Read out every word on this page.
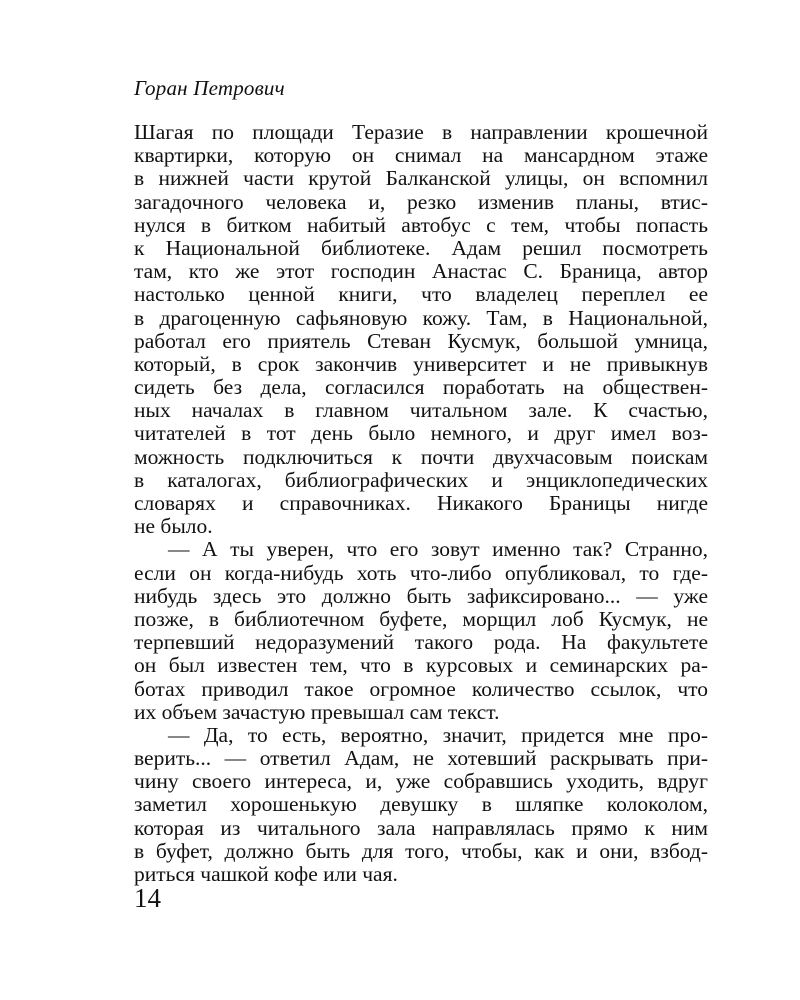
Горан Петрович
Шагая по площади Теразие в направлении крошечной
квартирки, которую он снимал на мансардном этаже
в нижней части крутой Балканской улицы, он вспомнил
загадочного человека и, резко изменив планы, втис-
нулся в битком набитый автобус с тем, чтобы попасть
к Национальной библиотеке. Адам решил посмотреть
там, кто же этот господин Анастас С. Браница, автор
настолько ценной книги, что владелец переплел ее
в драгоценную сафьяновую кожу. Там, в Национальной,
работал его приятель Стеван Кусмук, большой умница,
который, в срок закончив университет и не привыкнув
сидеть без дела, согласился поработать на обществен-
ных началах в главном читальном зале. К счастью,
читателей в тот день было немного, и друг имел воз-
можность подключиться к почти двухчасовым поискам
в каталогах, библиографических и энциклопедических
словарях и справочниках. Никакого Браницы нигде
не было.
— А ты уверен, что его зовут именно так? Странно,
если он когда-нибудь хоть что-либо опубликовал, то где-
нибудь здесь это должно быть зафиксировано... — уже
позже, в библиотечном буфете, морщил лоб Кусмук, не
терпевший недоразумений такого рода. На факультете
он был известен тем, что в курсовых и семинарских ра-
ботах приводил такое огромное количество ссылок, что
их объем зачастую превышал сам текст.
— Да, то есть, вероятно, значит, придется мне про-
верить... — ответил Адам, не хотевший раскрывать при-
чину своего интереса, и, уже собравшись уходить, вдруг
заметил хорошенькую девушку в шляпке колоколом,
которая из читального зала направлялась прямо к ним
в буфет, должно быть для того, чтобы, как и они, взбод-
риться чашкой кофе или чая.
14
